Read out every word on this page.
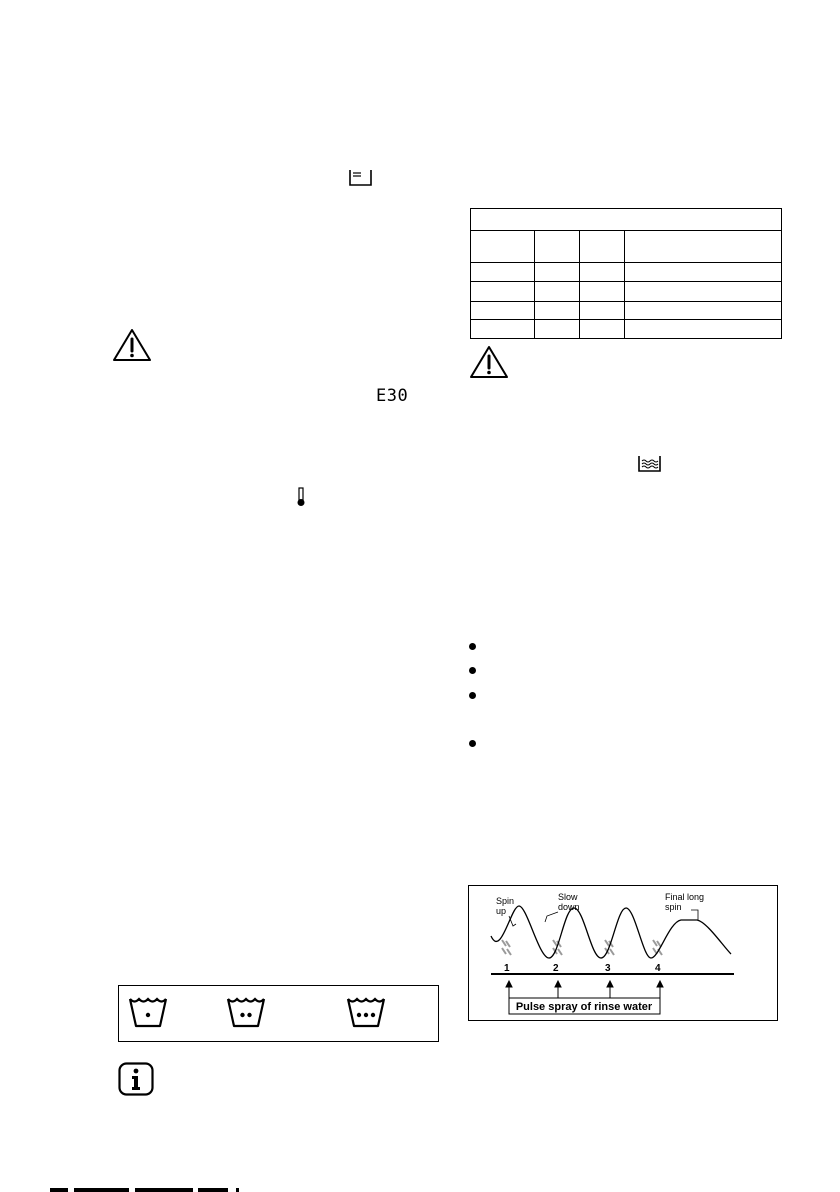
E30
1	2	3	4
Pulse spray of rinse water
Spin
up
Slow
down
Final long
spin
